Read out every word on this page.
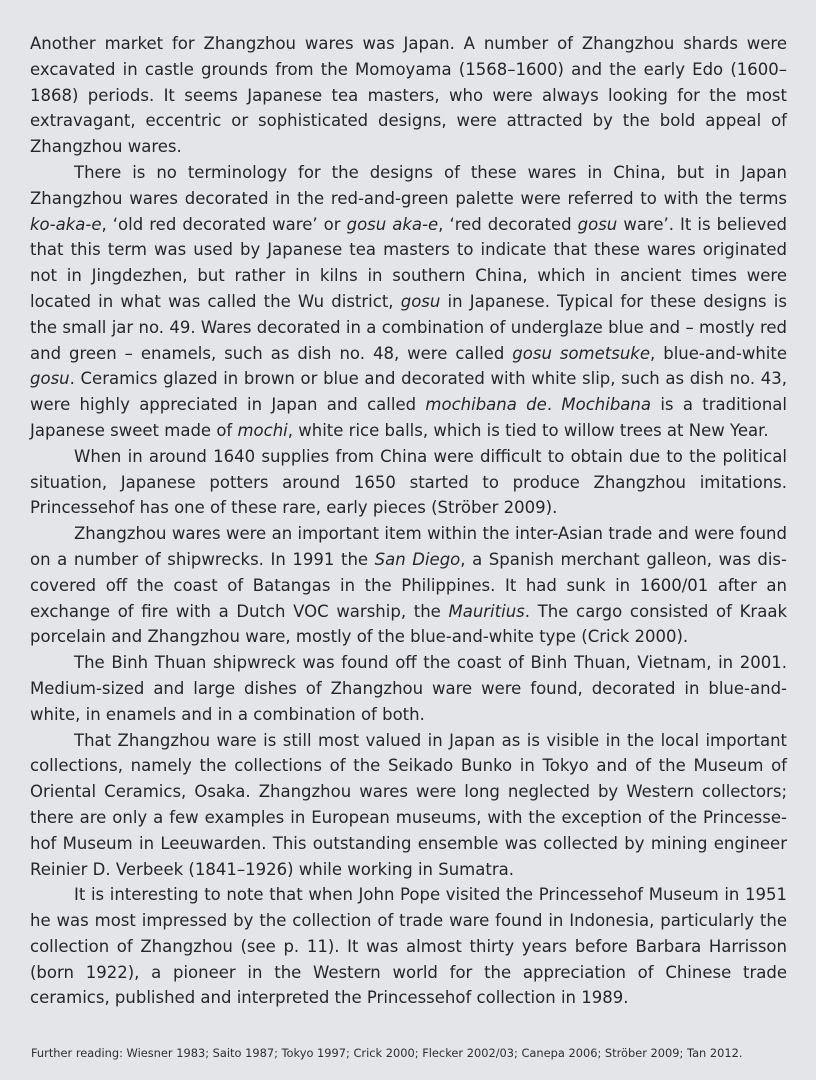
Another market for Zhangzhou wares was Japan. A number of Zhangzhou shards were excavated in castle grounds from the Momoyama (1568–1600) and the early Edo (1600–1868) periods. It seems Japanese tea masters, who were always looking for the most extravagant, eccentric or sophisticated designs, were attracted by the bold appeal of Zhangzhou wares.

There is no terminology for the designs of these wares in China, but in Japan Zhangzhou wares decorated in the red-and-green palette were referred to with the terms ko-aka-e, ‘old red decorated ware’ or gosu aka-e, ‘red decorated gosu ware’. It is believed that this term was used by Japanese tea masters to indicate that these wares originated not in Jingdezhen, but rather in kilns in southern China, which in ancient times were located in what was called the Wu district, gosu in Japanese. Typical for these designs is the small jar no. 49. Wares decorated in a combination of underglaze blue and – mostly red and green – enamels, such as dish no. 48, were called gosu sometsuke, blue-and-white gosu. Ceramics glazed in brown or blue and decorated with white slip, such as dish no. 43, were highly appreciated in Japan and called mochibana de. Mochibana is a traditional Japanese sweet made of mochi, white rice balls, which is tied to willow trees at New Year.

When in around 1640 supplies from China were difficult to obtain due to the political situation, Japanese potters around 1650 started to produce Zhangzhou imitations. Princessehof has one of these rare, early pieces (Ströber 2009).

Zhangzhou wares were an important item within the inter-Asian trade and were found on a number of shipwrecks. In 1991 the San Diego, a Spanish merchant galleon, was discovered off the coast of Batangas in the Philippines. It had sunk in 1600/01 after an exchange of fire with a Dutch VOC warship, the Mauritius. The cargo consisted of Kraak porcelain and Zhangzhou ware, mostly of the blue-and-white type (Crick 2000).

The Binh Thuan shipwreck was found off the coast of Binh Thuan, Vietnam, in 2001. Medium-sized and large dishes of Zhangzhou ware were found, decorated in blue-and-white, in enamels and in a combination of both.

That Zhangzhou ware is still most valued in Japan as is visible in the local important collections, namely the collections of the Seikado Bunko in Tokyo and of the Museum of Oriental Ceramics, Osaka. Zhangzhou wares were long neglected by Western collectors; there are only a few examples in European museums, with the exception of the Princessehof Museum in Leeuwarden. This outstanding ensemble was collected by mining engineer Reinier D. Verbeek (1841–1926) while working in Sumatra.

It is interesting to note that when John Pope visited the Princessehof Museum in 1951 he was most impressed by the collection of trade ware found in Indonesia, particularly the collection of Zhangzhou (see p. 11). It was almost thirty years before Barbara Harrisson (born 1922), a pioneer in the Western world for the appreciation of Chinese trade ceramics, published and interpreted the Princessehof collection in 1989.

Further reading: Wiesner 1983; Saito 1987; Tokyo 1997; Crick 2000; Flecker 2002/03; Canepa 2006; Ströber 2009; Tan 2012.
